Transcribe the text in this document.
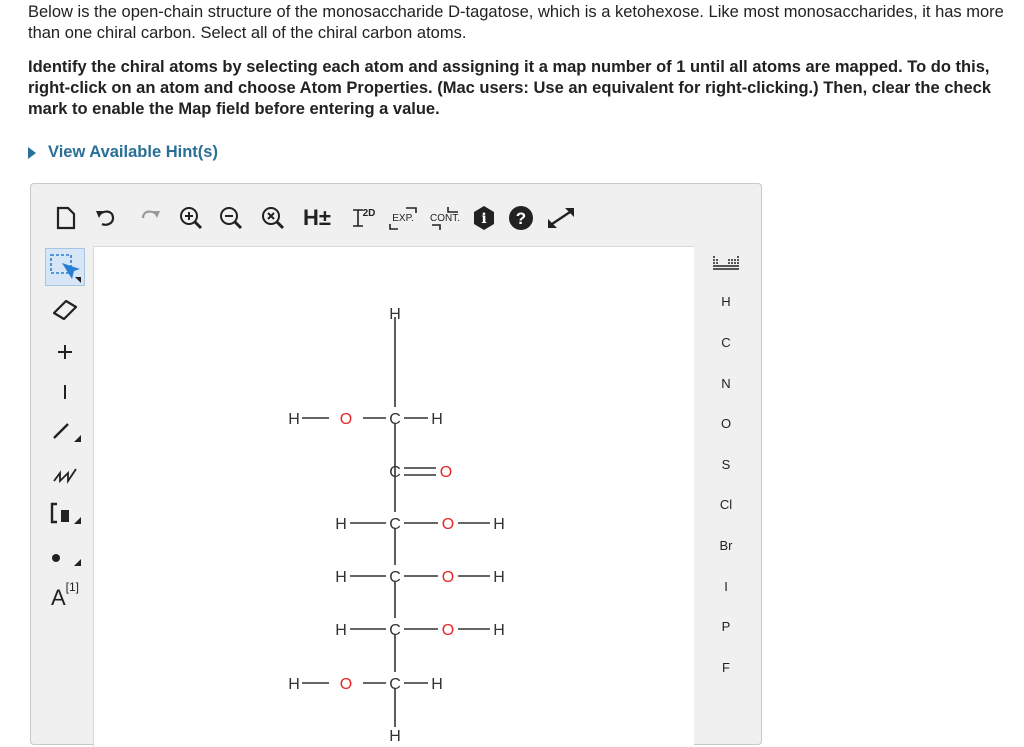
Below is the open-chain structure of the monosaccharide D-tagatose, which is a ketohexose. Like most monosaccharides, it has more than one chiral carbon. Select all of the chiral carbon atoms.

Identify the chiral atoms by selecting each atom and assigning it a map number of 1 until all atoms are mapped. To do this, right-click on an atom and choose Atom Properties. (Mac users: Use an equivalent for right-clicking.) Then, clear the check mark to enable the Map field before entering a value.
View Available Hint(s)
H±	2D EXP. CONT. i ?
A [1]
H
H O C H
C O
H	C	O H
H	C	O H
H	C	O H
H O C H
H
H
C
N
O
S
Cl
Br
I
P
F
